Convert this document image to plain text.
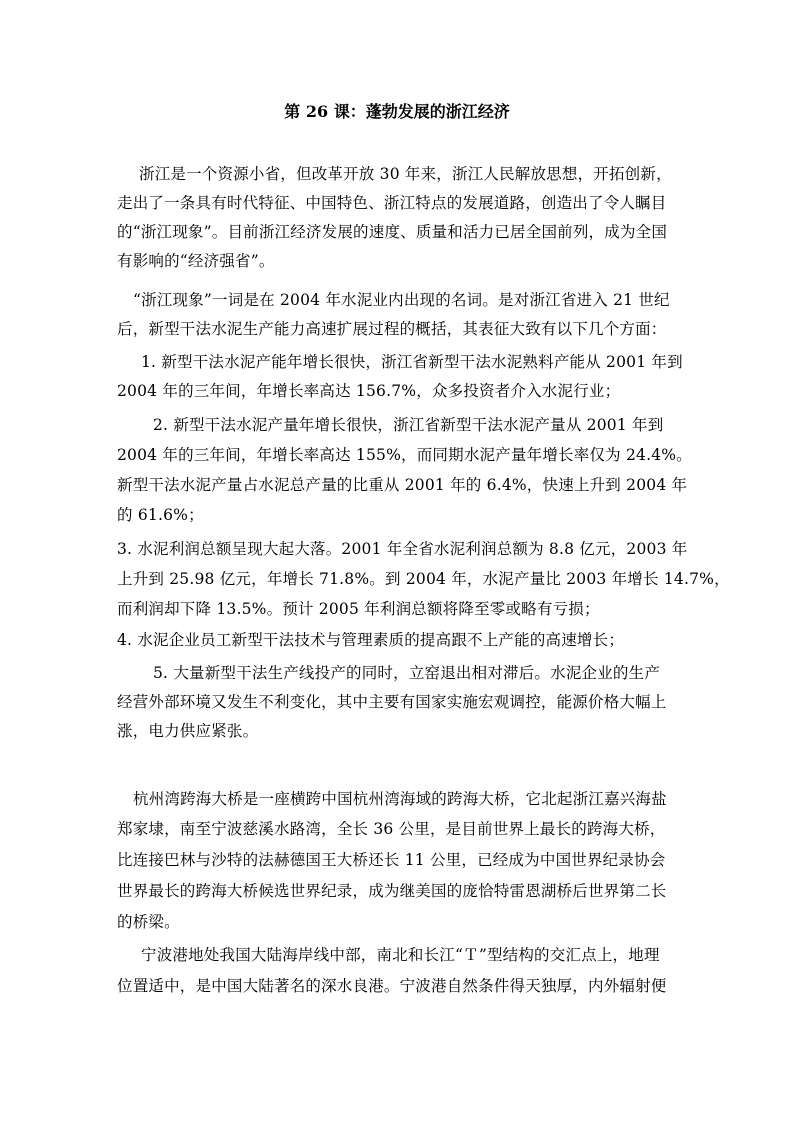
第 26 课：蓬勃发展的浙江经济
浙江是一个资源小省，但改革开放 30 年来，浙江人民解放思想，开拓创新，
走出了一条具有时代特征、中国特色、浙江特点的发展道路，创造出了令人瞩目
的“浙江现象”。目前浙江经济发展的速度、质量和活力已居全国前列，成为全国
有影响的“经济强省”。
“浙江现象”一词是在 2004 年水泥业内出现的名词。是对浙江省进入 21 世纪
后，新型干法水泥生产能力高速扩展过程的概括，其表征大致有以下几个方面：
1. 新型干法水泥产能年增长很快，浙江省新型干法水泥熟料产能从 2001 年到
2004 年的三年间，年增长率高达 156.7%，众多投资者介入水泥行业；
2. 新型干法水泥产量年增长很快，浙江省新型干法水泥产量从 2001 年到
2004 年的三年间，年增长率高达 155%，而同期水泥产量年增长率仅为 24.4%。
新型干法水泥产量占水泥总产量的比重从 2001 年的 6.4%，快速上升到 2004 年
的 61.6%；
3. 水泥利润总额呈现大起大落。2001 年全省水泥利润总额为 8.8 亿元，2003 年
上升到 25.98 亿元，年增长 71.8%。到 2004 年，水泥产量比 2003 年增长 14.7%，
而利润却下降 13.5%。预计 2005 年利润总额将降至零或略有亏损；
4. 水泥企业员工新型干法技术与管理素质的提高跟不上产能的高速增长；
5. 大量新型干法生产线投产的同时，立窑退出相对滞后。水泥企业的生产
经营外部环境又发生不利变化，其中主要有国家实施宏观调控，能源价格大幅上
涨，电力供应紧张。
杭州湾跨海大桥是一座横跨中国杭州湾海域的跨海大桥，它北起浙江嘉兴海盐
郑家埭，南至宁波慈溪水路湾，全长 36 公里，是目前世界上最长的跨海大桥，
比连接巴林与沙特的法赫德国王大桥还长 11 公里，已经成为中国世界纪录协会
世界最长的跨海大桥候选世界纪录，成为继美国的庞恰特雷恩湖桥后世界第二长
的桥梁。
宁波港地处我国大陆海岸线中部，南北和长江“Ｔ”型结构的交汇点上，地理
位置适中，是中国大陆著名的深水良港。宁波港自然条件得天独厚，内外辐射便
